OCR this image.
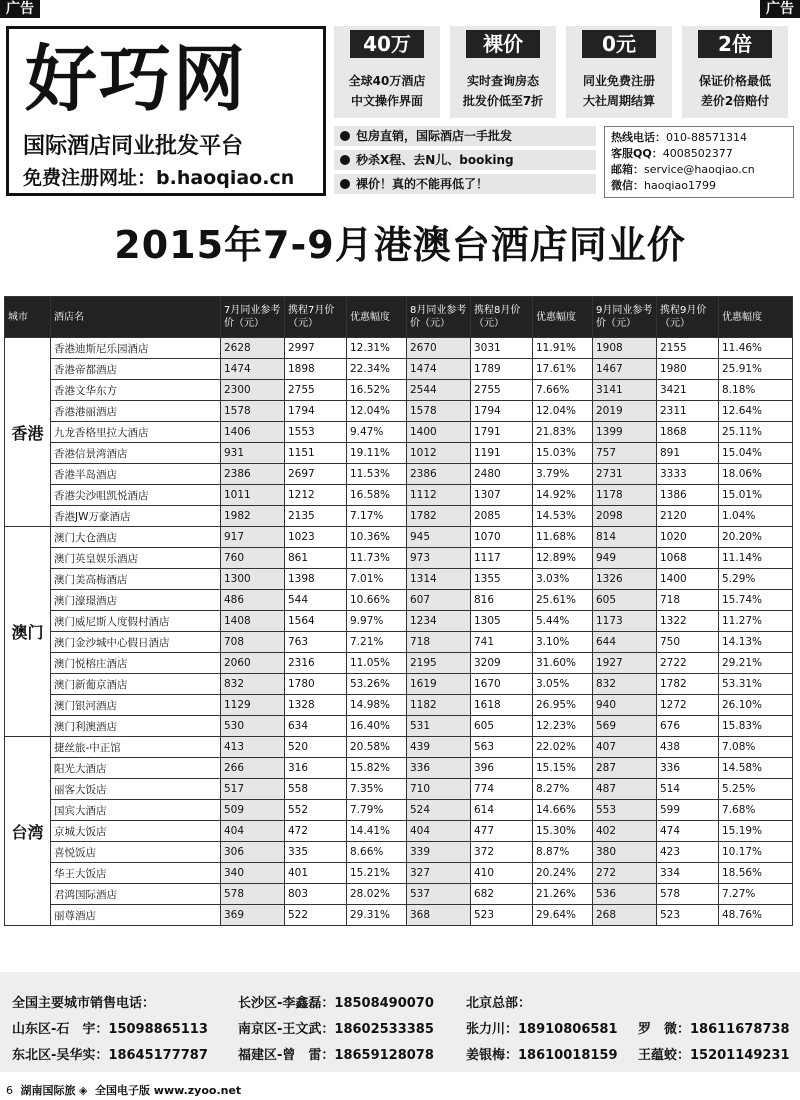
广告	广告
好巧网
国际酒店同业批发平台
免费注册网址：b.haoqiao.cn
40万
全球40万酒店
中文操作界面
裸价
实时查询房态
批发价低至7折
0元
同业免费注册
大社周期结算
2倍
保证价格最低
差价2倍赔付
包房直销，国际酒店一手批发
秒杀X程、去N儿、booking
裸价！真的不能再低了！
热线电话：010-88571314
客服QQ：4008502377
邮箱：service@haoqiao.cn
微信：haoqiao1799
2015年7-9月港澳台酒店同业价
城市	酒店名	7月同业参考价（元）	携程7月价（元）	优惠幅度	8月同业参考价（元）	携程8月价（元）	优惠幅度	9月同业参考价（元）	携程9月价（元）	优惠幅度
香港	香港迪斯尼乐园酒店	2628	2997	12.31%	2670	3031	11.91%	1908	2155	11.46%
	香港帝都酒店	1474	1898	22.34%	1474	1789	17.61%	1467	1980	25.91%
	香港文华东方	2300	2755	16.52%	2544	2755	7.66%	3141	3421	8.18%
	香港港丽酒店	1578	1794	12.04%	1578	1794	12.04%	2019	2311	12.64%
	九龙香格里拉大酒店	1406	1553	9.47%	1400	1791	21.83%	1399	1868	25.11%
	香港信景湾酒店	931	1151	19.11%	1012	1191	15.03%	757	891	15.04%
	香港半岛酒店	2386	2697	11.53%	2386	2480	3.79%	2731	3333	18.06%
	香港尖沙咀凯悦酒店	1011	1212	16.58%	1112	1307	14.92%	1178	1386	15.01%
	香港JW万豪酒店	1982	2135	7.17%	1782	2085	14.53%	2098	2120	1.04%
澳门	澳门大仓酒店	917	1023	10.36%	945	1070	11.68%	814	1020	20.20%
	澳门英皇娱乐酒店	760	861	11.73%	973	1117	12.89%	949	1068	11.14%
	澳门美高梅酒店	1300	1398	7.01%	1314	1355	3.03%	1326	1400	5.29%
	澳门濠璟酒店	486	544	10.66%	607	816	25.61%	605	718	15.74%
	澳门威尼斯人度假村酒店	1408	1564	9.97%	1234	1305	5.44%	1173	1322	11.27%
	澳门金沙城中心假日酒店	708	763	7.21%	718	741	3.10%	644	750	14.13%
	澳门悦榕庄酒店	2060	2316	11.05%	2195	3209	31.60%	1927	2722	29.21%
	澳门新葡京酒店	832	1780	53.26%	1619	1670	3.05%	832	1782	53.31%
	澳门银河酒店	1129	1328	14.98%	1182	1618	26.95%	940	1272	26.10%
	澳门利澳酒店	530	634	16.40%	531	605	12.23%	569	676	15.83%
台湾	捷丝旅-中正馆	413	520	20.58%	439	563	22.02%	407	438	7.08%
	阳光大酒店	266	316	15.82%	336	396	15.15%	287	336	14.58%
	丽客大饭店	517	558	7.35%	710	774	8.27%	487	514	5.25%
	国宾大酒店	509	552	7.79%	524	614	14.66%	553	599	7.68%
	京城大饭店	404	472	14.41%	404	477	15.30%	402	474	15.19%
	喜悦饭店	306	335	8.66%	339	372	8.87%	380	423	10.17%
	华王大饭店	340	401	15.21%	327	410	20.24%	272	334	18.56%
	君鸿国际酒店	578	803	28.02%	537	682	21.26%	536	578	7.27%
	丽尊酒店	369	522	29.31%	368	523	29.64%	268	523	48.76%
全国主要城市销售电话：	长沙区-李鑫磊：18508490070 北京总部：
山东区-石　宇：15098865113 南京区-王文武：18602533385 张力川：18910806581 罗　微：18611678738
东北区-吴华实：18645177787 福建区-曾　雷：18659128078 姜银梅：18610018159 王蕴蛟：15201149231
6 湖南国际旅 ◈ 全国电子版 www.zyoo.net
